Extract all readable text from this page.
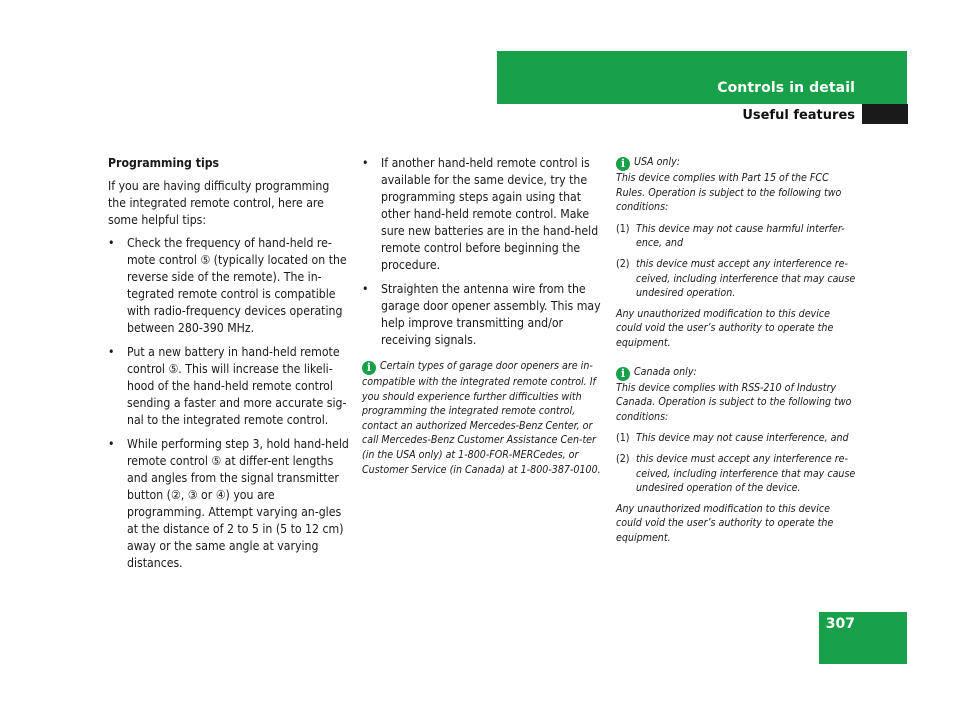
Controls in detail
Useful features
Programming tips

If you are having difficulty programming the integrated remote control, here are some helpful tips:

• Check the frequency of hand-held re-mote control ⑤ (typically located on the reverse side of the remote). The in-tegrated remote control is compatible with radio-frequency devices operating between 280-390 MHz.
• Put a new battery in hand-held remote control ⑤. This will increase the likeli-hood of the hand-held remote control sending a faster and more accurate sig-nal to the integrated remote control.
• While performing step 3, hold hand-held remote control ⑤ at differ-ent lengths and angles from the signal transmitter button (②, ③ or ④) you are programming. Attempt varying an-gles at the distance of 2 to 5 in (5 to 12 cm) away or the same angle at varying distances.
• If another hand-held remote control is available for the same device, try the programming steps again using that other hand-held remote control. Make sure new batteries are in the hand-held remote control before beginning the procedure.
• Straighten the antenna wire from the garage door opener assembly. This may help improve transmitting and/or receiving signals.
i Certain types of garage door openers are in-compatible with the integrated remote control. If you should experience further difficulties with programming the integrated remote control, contact an authorized Mercedes-Benz Center, or call Mercedes-Benz Customer Assistance Cen-ter (in the USA only) at 1-800-FOR-MERCedes, or Customer Service (in Canada) at 1-800-387-0100.
i USA only:
This device complies with Part 15 of the FCC Rules. Operation is subject to the following two conditions:
(1) This device may not cause harmful interfer-ence, and
(2) this device must accept any interference re-ceived, including interference that may cause undesired operation.
Any unauthorized modification to this device could void the user’s authority to operate the equipment.
i Canada only:
This device complies with RSS-210 of Industry Canada. Operation is subject to the following two conditions:
(1) This device may not cause interference, and
(2) this device must accept any interference re-ceived, including interference that may cause undesired operation of the device.
Any unauthorized modification to this device could void the user’s authority to operate the equipment.
307
